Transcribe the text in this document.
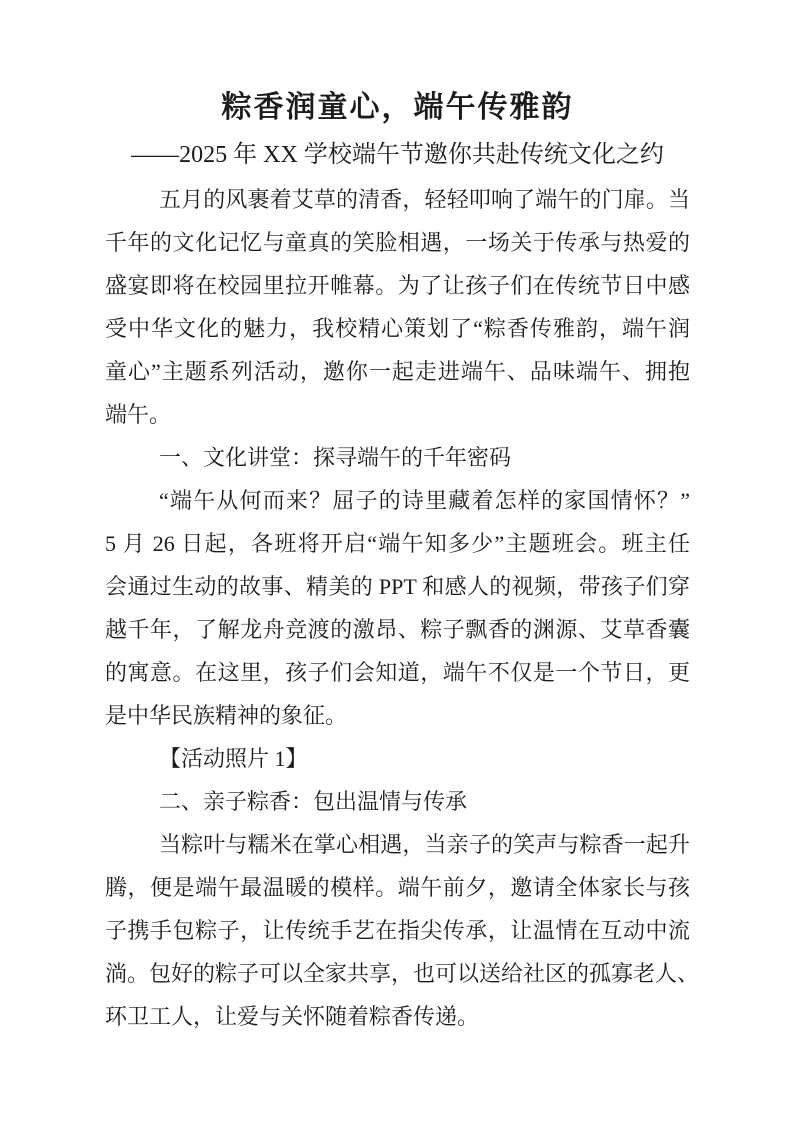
粽香润童心，端午传雅韵
——2025 年 XX 学校端午节邀你共赴传统文化之约
五月的风裹着艾草的清香，轻轻叩响了端午的门扉。当
千年的文化记忆与童真的笑脸相遇，一场关于传承与热爱的
盛宴即将在校园里拉开帷幕。为了让孩子们在传统节日中感
受中华文化的魅力，我校精心策划了“粽香传雅韵，端午润
童心”主题系列活动，邀你一起走进端午、品味端午、拥抱
端午。
一、文化讲堂：探寻端午的千年密码
“端午从何而来？屈子的诗里藏着怎样的家国情怀？”
5 月 26 日起，各班将开启“端午知多少”主题班会。班主任
会通过生动的故事、精美的 PPT 和感人的视频，带孩子们穿
越千年，了解龙舟竞渡的激昂、粽子飘香的渊源、艾草香囊
的寓意。在这里，孩子们会知道，端午不仅是一个节日，更
是中华民族精神的象征。
【活动照片 1】
二、亲子粽香：包出温情与传承
当粽叶与糯米在掌心相遇，当亲子的笑声与粽香一起升
腾，便是端午最温暖的模样。端午前夕，邀请全体家长与孩
子携手包粽子，让传统手艺在指尖传承，让温情在互动中流
淌。包好的粽子可以全家共享，也可以送给社区的孤寡老人、
环卫工人，让爱与关怀随着粽香传递。
